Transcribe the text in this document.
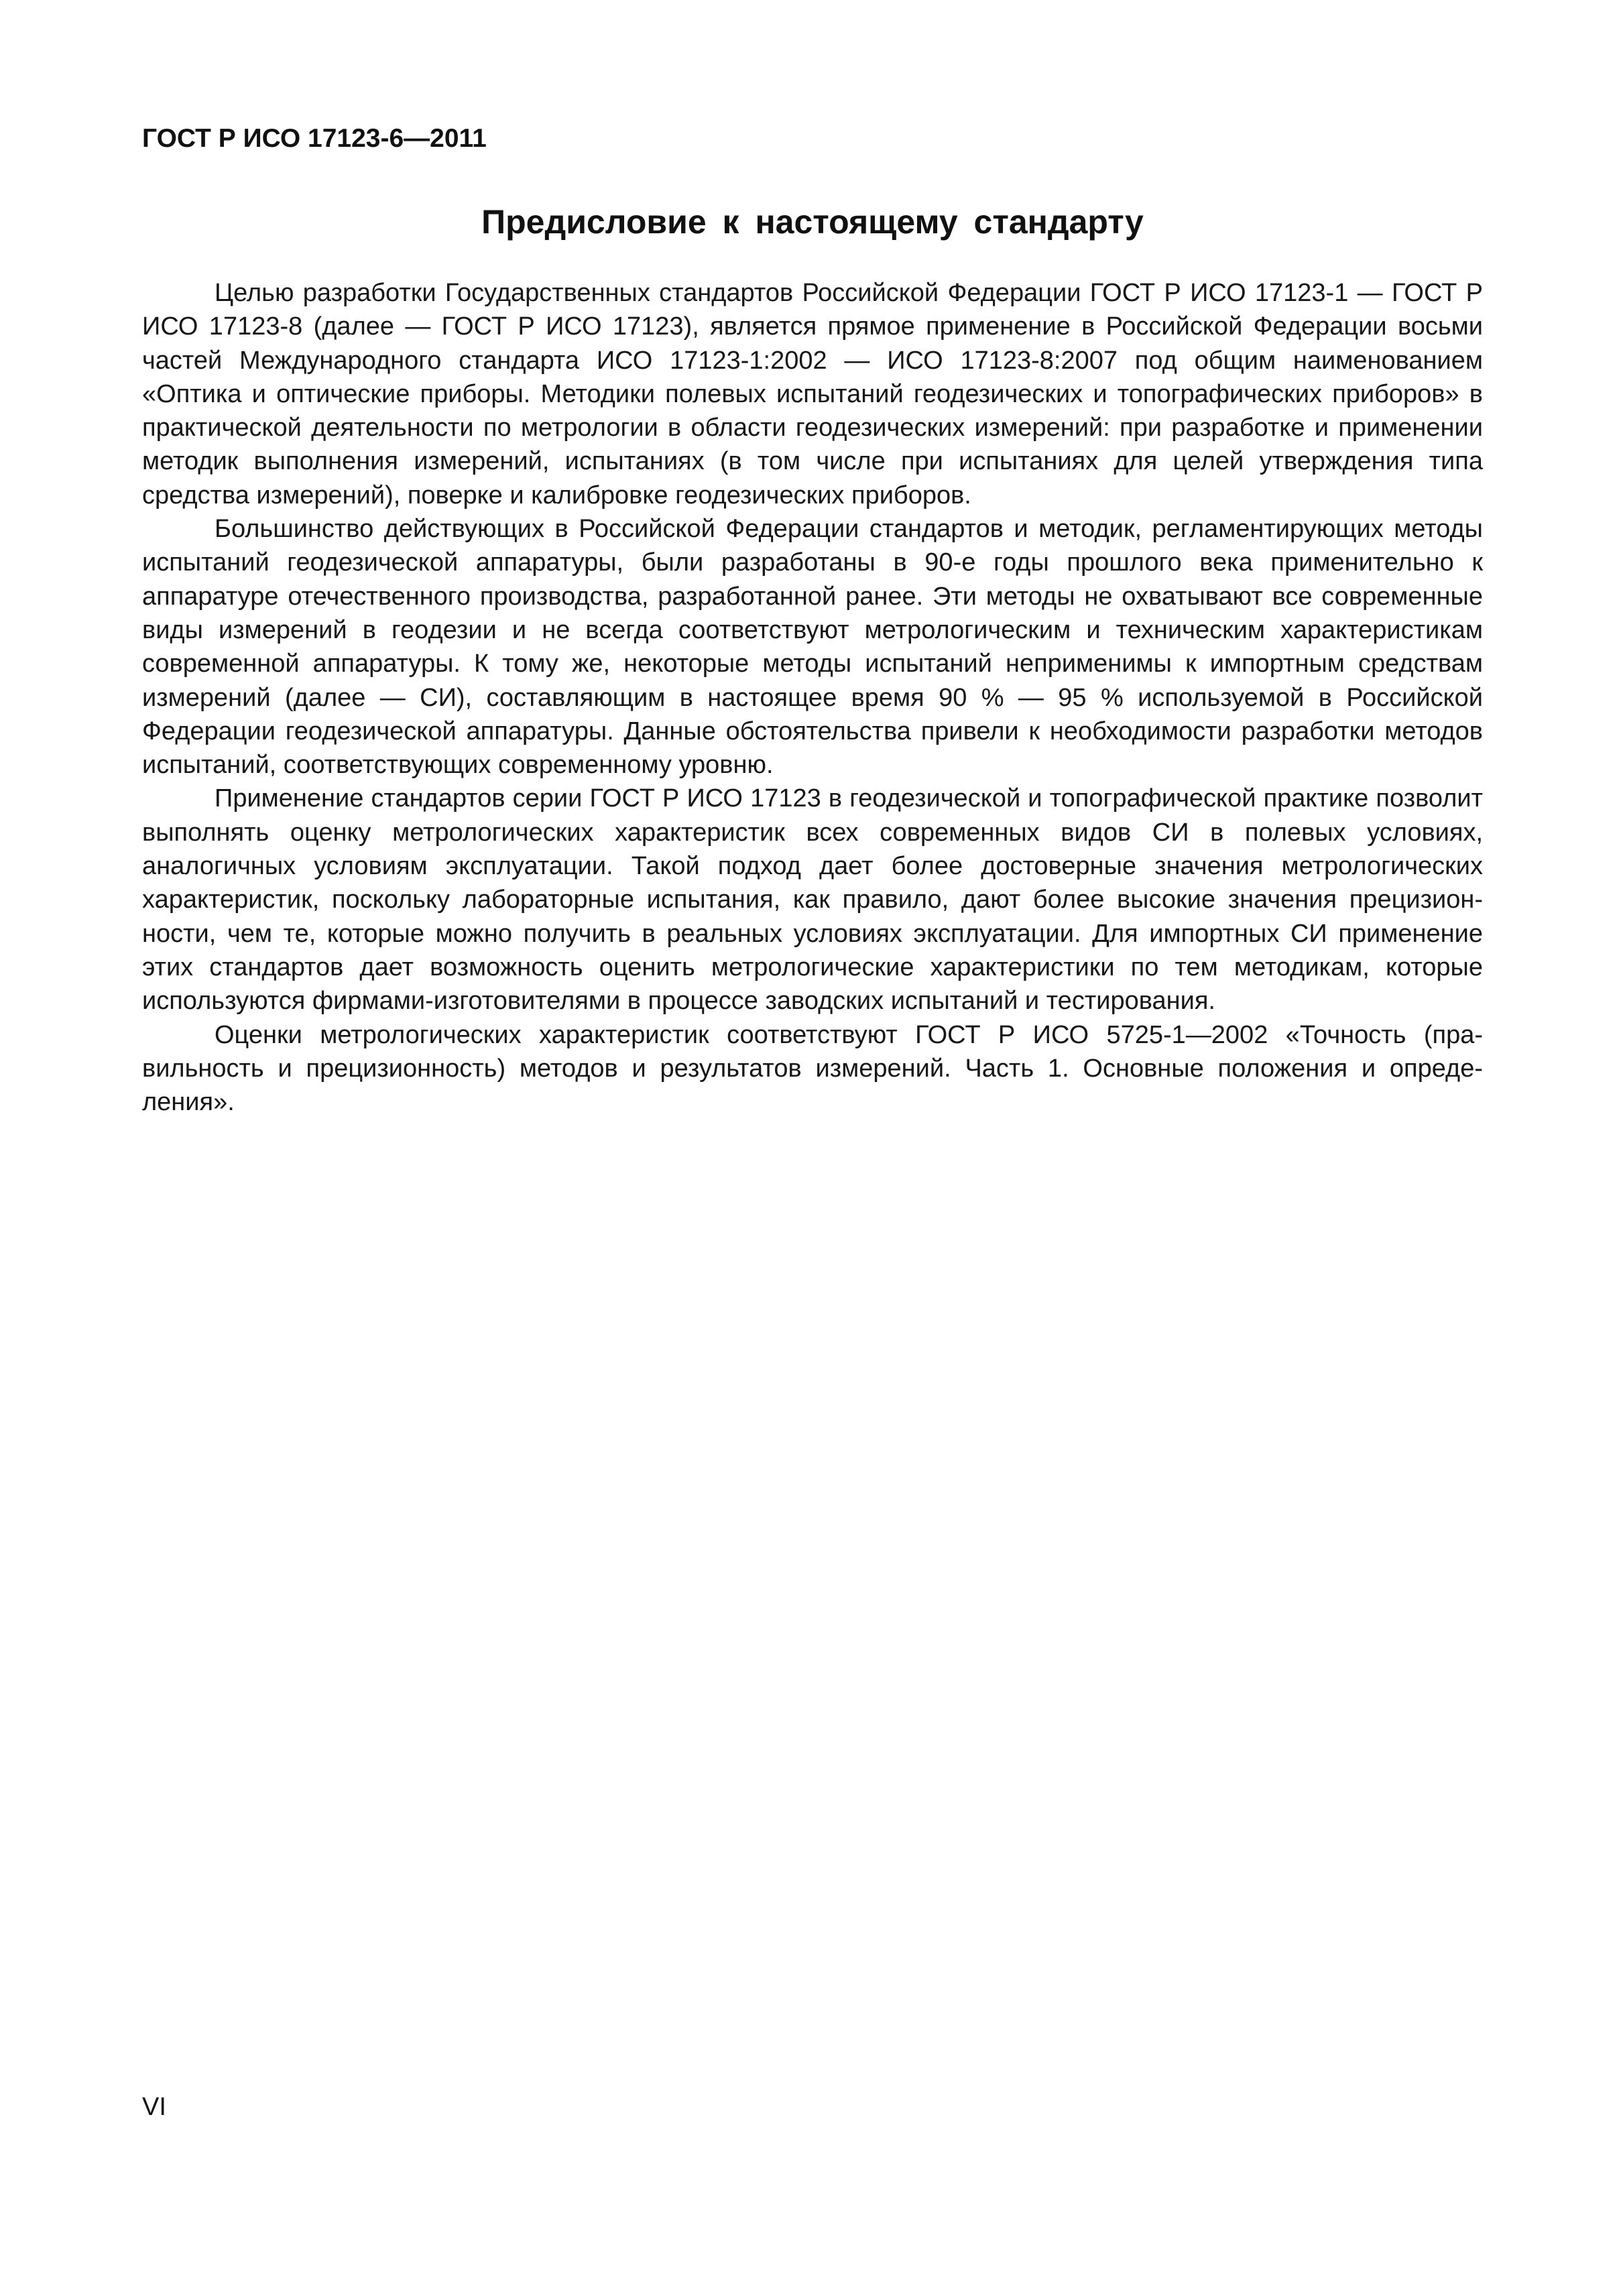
ГОСТ Р ИСО 17123-6—2011
Предисловие к настоящему стандарту

Целью разработки Государственных стандартов Российской Федерации ГОСТ Р ИСО 17123-1 — ГОСТ Р ИСО 17123-8 (далее — ГОСТ Р ИСО 17123), является прямое применение в Российской Федерации восьми частей Международного стандарта ИСО 17123-1:2002 — ИСО 17123-8:2007 под общим наименованием «Оптика и оптические приборы. Методики полевых испытаний геодезических и топографических приборов» в практической деятельности по метрологии в области геодезических измерений: при разработке и применении методик выполнения измерений, испытаниях (в том числе при испытаниях для целей утверждения типа средства измерений), поверке и калибровке геодезических приборов.

Большинство действующих в Российской Федерации стандартов и методик, регламентирующих методы испытаний геодезической аппаратуры, были разработаны в 90-е годы прошлого века применительно к аппаратуре отечественного производства, разработанной ранее. Эти методы не охватывают все современные виды измерений в геодезии и не всегда соответствуют метрологическим и техническим характеристикам современной аппаратуры. К тому же, некоторые методы испытаний неприменимы к импортным средствам измерений (далее — СИ), составляющим в настоящее время 90 % — 95 % используемой в Российской Федерации геодезической аппаратуры. Данные обстоятельства привели к необходимости разработки методов испытаний, соответствующих современному уровню.

Применение стандартов серии ГОСТ Р ИСО 17123 в геодезической и топографической практике позволит выполнять оценку метрологических характеристик всех современных видов СИ в полевых условиях, аналогичных условиям эксплуатации. Такой подход дает более достоверные значения метрологических характеристик, поскольку лабораторные испытания, как правило, дают более высокие значения прецизионности, чем те, которые можно получить в реальных условиях эксплуатации. Для импортных СИ применение этих стандартов дает возможность оценить метрологические характеристики по тем методикам, которые используются фирмами-изготовителями в процессе заводских испытаний и тестирования.

Оценки метрологических характеристик соответствуют ГОСТ Р ИСО 5725-1—2002 «Точность (правильность и прецизионность) методов и результатов измерений. Часть 1. Основные положения и определения».

VI
